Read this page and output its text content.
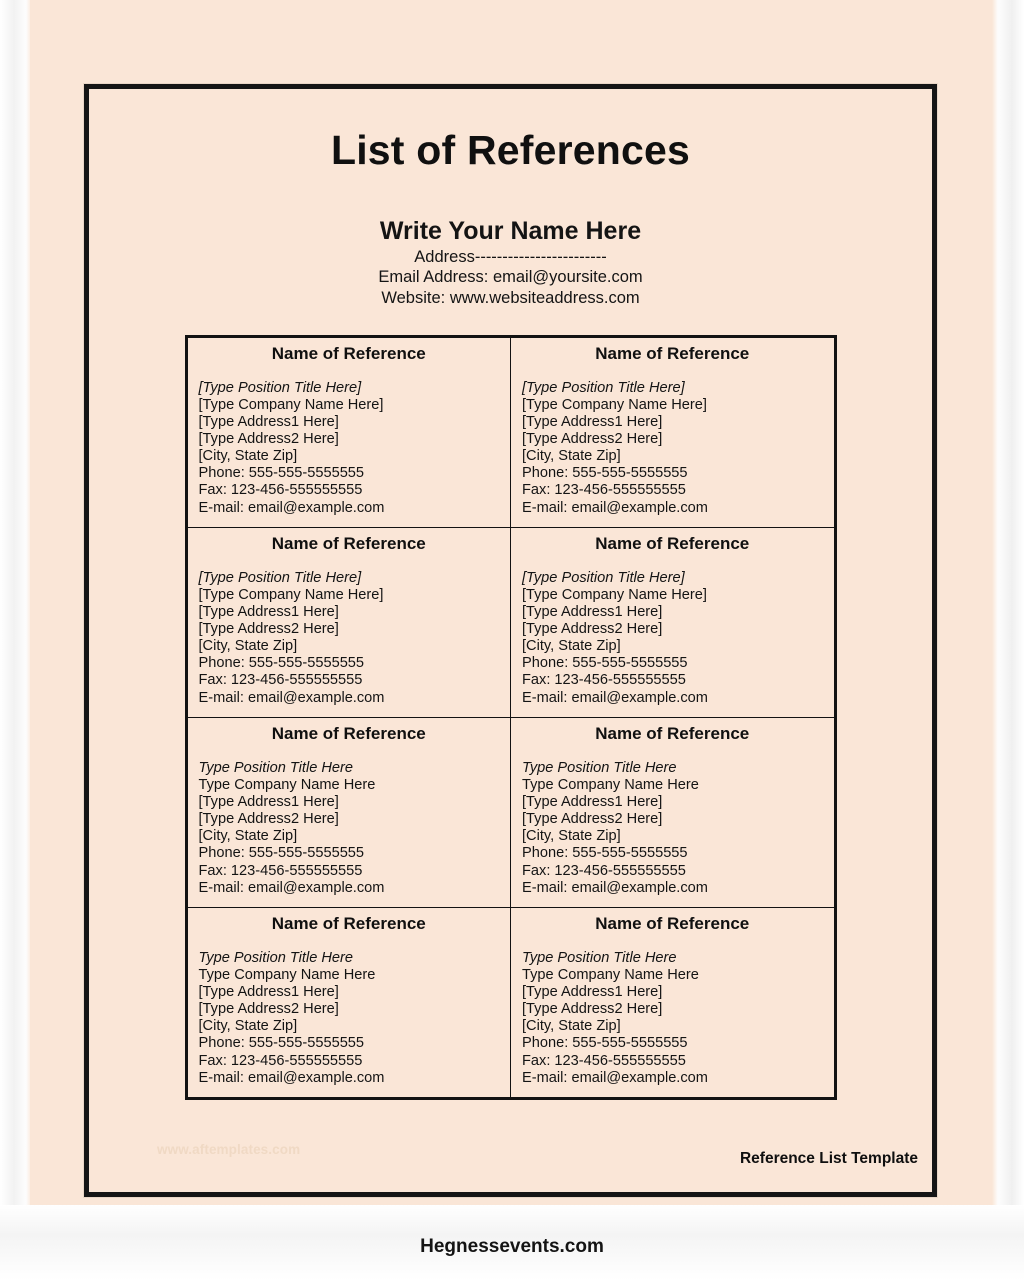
List of References
Write Your Name Here
Address------------------------
Email Address: email@yoursite.com
Website: www.websiteaddress.com
Name of Reference
[Type Position Title Here]
[Type Company Name Here]
[Type Address1 Here]
[Type Address2 Here]
[City, State Zip]
Phone: 555-555-5555555
Fax: 123-456-555555555
E-mail: email@example.com

Name of Reference
[Type Position Title Here]
[Type Company Name Here]
[Type Address1 Here]
[Type Address2 Here]
[City, State Zip]
Phone: 555-555-5555555
Fax: 123-456-555555555
E-mail: email@example.com

Name of Reference
[Type Position Title Here]
[Type Company Name Here]
[Type Address1 Here]
[Type Address2 Here]
[City, State Zip]
Phone: 555-555-5555555
Fax: 123-456-555555555
E-mail: email@example.com

Name of Reference
[Type Position Title Here]
[Type Company Name Here]
[Type Address1 Here]
[Type Address2 Here]
[City, State Zip]
Phone: 555-555-5555555
Fax: 123-456-555555555
E-mail: email@example.com

Name of Reference
Type Position Title Here
Type Company Name Here
[Type Address1 Here]
[Type Address2 Here]
[City, State Zip]
Phone: 555-555-5555555
Fax: 123-456-555555555
E-mail: email@example.com

Name of Reference
Type Position Title Here
Type Company Name Here
[Type Address1 Here]
[Type Address2 Here]
[City, State Zip]
Phone: 555-555-5555555
Fax: 123-456-555555555
E-mail: email@example.com

Name of Reference
Type Position Title Here
Type Company Name Here
[Type Address1 Here]
[Type Address2 Here]
[City, State Zip]
Phone: 555-555-5555555
Fax: 123-456-555555555
E-mail: email@example.com

Name of Reference
Type Position Title Here
Type Company Name Here
[Type Address1 Here]
[Type Address2 Here]
[City, State Zip]
Phone: 555-555-5555555
Fax: 123-456-555555555
E-mail: email@example.com
www.aftemplates.com
Reference List Template
Hegnessevents.com
